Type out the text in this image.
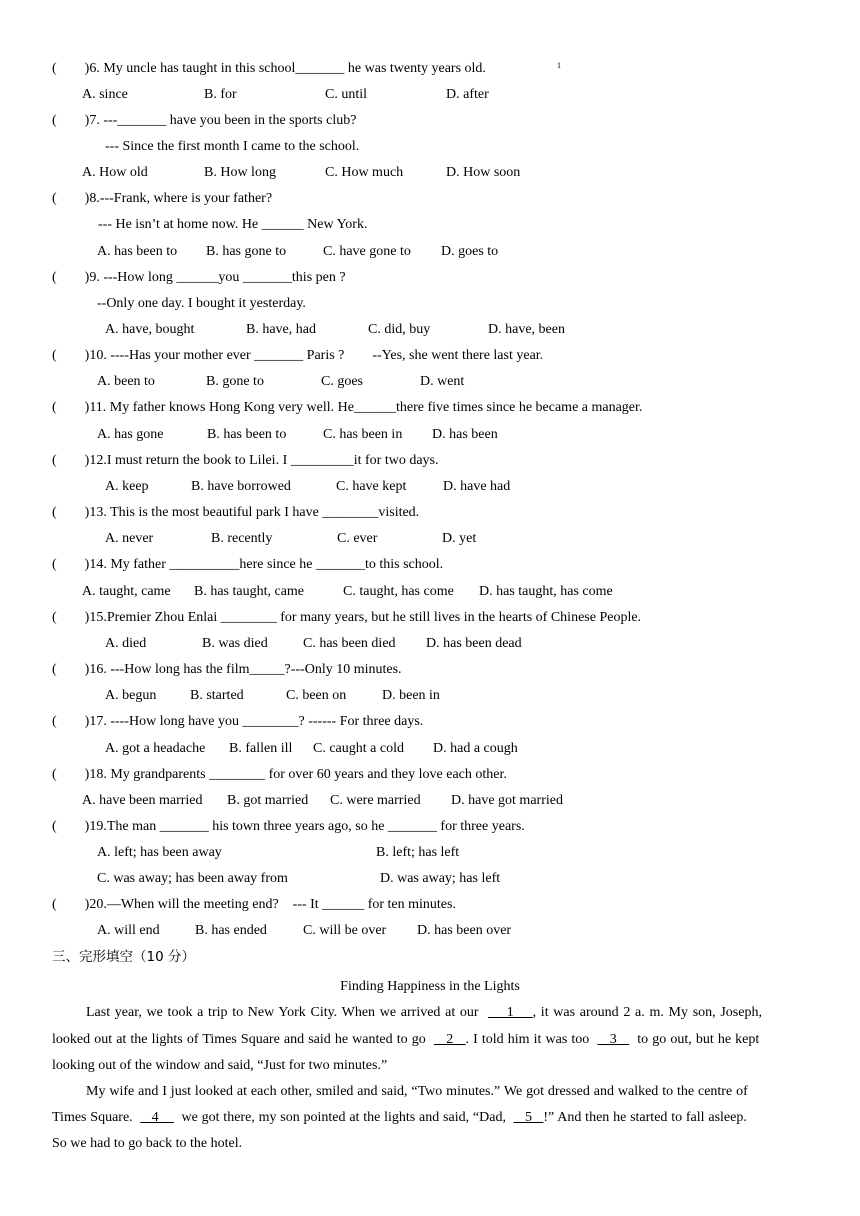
1
(        )6. My uncle has taught in this school_______ he was twenty years old.
A. since	B. for	C. until	D. after
(        )7. ---_______ have you been in the sports club?
--- Since the first month I came to the school.
A. How old	B. How long	C. How much	D. How soon
(        )8.---Frank, where is your father?
--- He isn’t at home now. He ______ New York.
A. has been to B. has gone to	C. have gone to D. goes to
(        )9. ---How long ______you _______this pen ?
--Only one day. I bought it yesterday.
A. have, bought	B. have, had	C. did, buy	D. have, been
(        )10. ----Has your mother ever _______ Paris ?        --Yes, she went there last year.
A. been to	B. gone to	C. goes	D. went
(        )11. My father knows Hong Kong very well. He______there five times since he became a manager.
A. has gone	B. has been to	C. has been in D. has been
(        )12.I must return the book to Lilei. I _________it for two days.
A. keep	B. have borrowed	C. have kept	D. have had
(        )13. This is the most beautiful park I have ________visited.
A. never	B. recently	C. ever	D. yet
(        )14. My father __________here since he _______to this school.
A. taught, came B. has taught, came	C. taught, has come D. has taught, has come
(        )15.Premier Zhou Enlai ________ for many years, but he still lives in the hearts of Chinese People.
A. died	B. was died	C. has been died D. has been dead
(        )16. ---How long has the film_____?---Only 10 minutes.
A. begun B. started	C. been on	D. been in
(        )17. ----How long have you ________? ------ For three days.
A. got a headache B. fallen ill C. caught a cold D. had a cough
(        )18. My grandparents ________ for over 60 years and they love each other.
A. have been married B. got married C. were married D. have got married
(        )19.The man _______ his town three years ago, so he _______ for three years.
A. left; has been away	B. left; has left
C. was away; has been away from	D. was away; has left
(        )20.—When will the meeting end?    --- It ______ for ten minutes.
A. will end	B. has ended	C. will be over D. has been over
三、完形填空（10 分）
Finding Happiness in the Lights
Last year, we took a trip to New York City. When we arrived at our      1    , it was around 2 a. m. My son, Joseph,
looked out at the lights of Times Square and said he wanted to go     2   . I told him it was too     3     to go out, but he kept
looking out of the window and said, “Just for two minutes.”
My wife and I just looked at each other, smiled and said, “Two minutes.” We got dressed and walked to the centre of
Times Square.     4      we got there, my son pointed at the lights and said, “Dad,     5   !” And then he started to fall asleep.
So we had to go back to the hotel.
